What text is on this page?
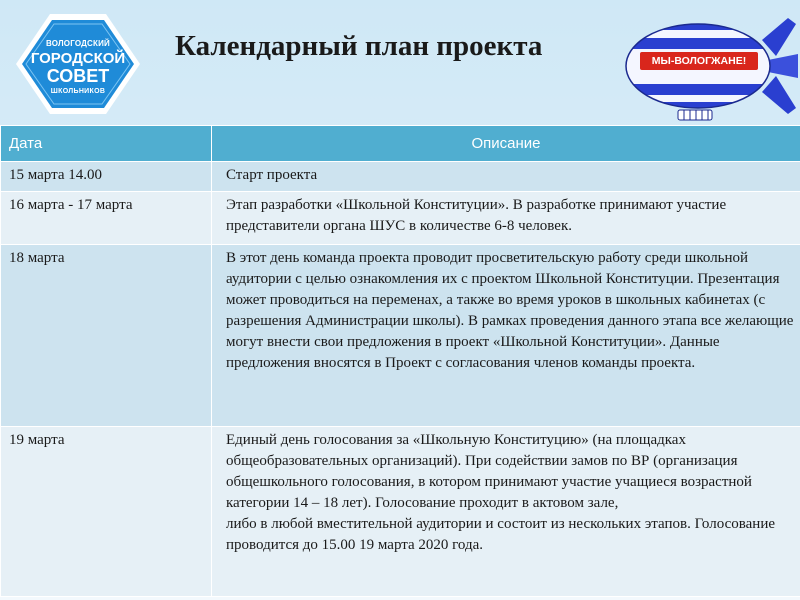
ВОЛОГОДСКИЙ
ГОРОДСКОЙ
СОВЕТ
ШКОЛЬНИКОВ
Календарный план проекта	МЫ-ВОЛОГЖАНЕ!
Дата	Описание
15 марта 14.00	Старт проекта
16 марта - 17 марта	Этап разработки «Школьной Конституции». В разработке принимают участие представители органа ШУС в количестве 6-8 человек.
18 марта	В этот день команда проекта проводит просветительскую работу среди школьной аудитории с целью ознакомления их с проектом Школьной Конституции. Презентация может проводиться на переменах, а также во время уроков в школьных кабинетах (с разрешения Администрации школы). В рамках проведения данного этапа все желающие могут внести свои предложения в проект «Школьной Конституции». Данные предложения вносятся в Проект с согласования членов команды проекта.
19 марта	Единый день голосования за «Школьную Конституцию» (на площадках общеобразовательных организаций). При содействии замов по ВР (организация общешкольного голосования, в котором принимают участие учащиеся возрастной категории 14 – 18 лет). Голосование проходит в актовом зале,
либо в любой вместительной аудитории и состоит из нескольких этапов. Голосование проводится до 15.00 19 марта 2020 года.
